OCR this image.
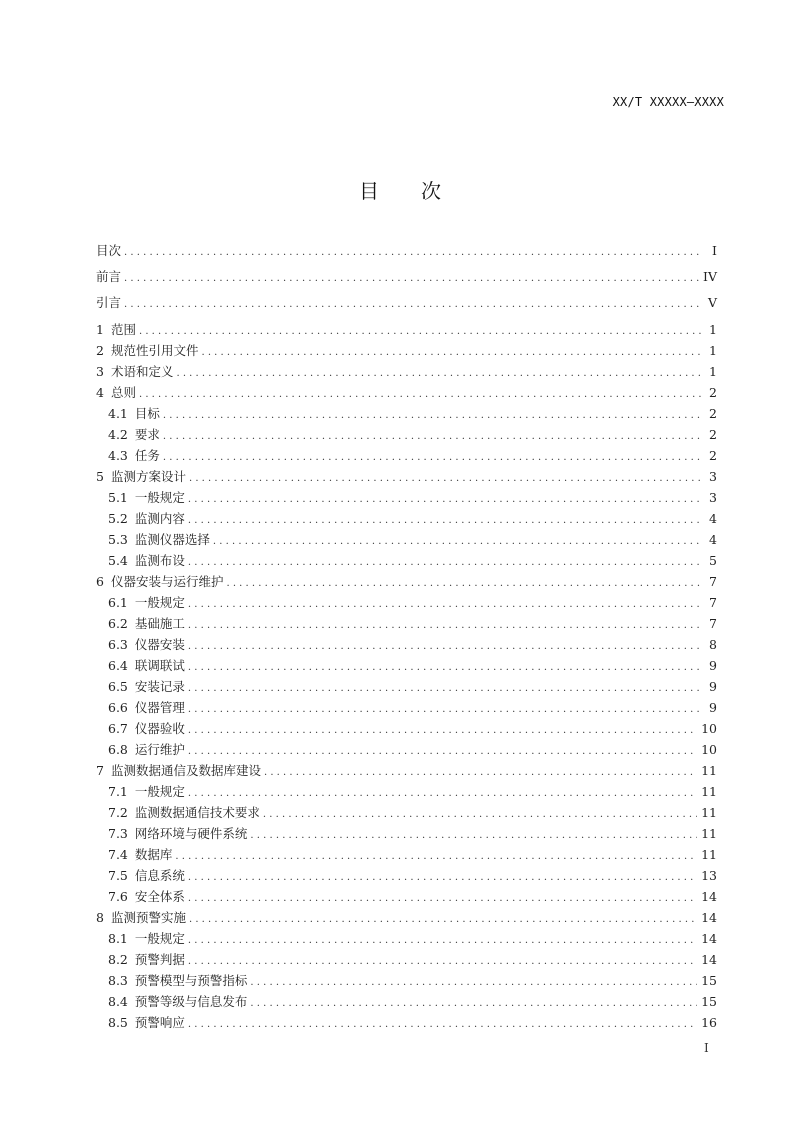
XX/T XXXXX—XXXX
目 次
目次 . . .	I
前言 . . .	IV
引言 . . .	V
1 范围 . . .	1
2 规范性引用文件 . . .	1
3 术语和定义 . . .	1
4 总则 . . .	2
4.1 目标 . . .	2
4.2 要求 . . .	2
4.3 任务 . . .	2
5 监测方案设计 . . .	3
5.1 一般规定 . . .	3
5.2 监测内容 . . .	4
5.3 监测仪器选择 . . .	4
5.4 监测布设 . . .	5
6 仪器安装与运行维护 . . .	7
6.1 一般规定 . . .	7
6.2 基础施工 . . .	7
6.3 仪器安装 . . .	8
6.4 联调联试 . . .	9
6.5 安装记录 . . .	9
6.6 仪器管理 . . .	9
6.7 仪器验收 . . .	10
6.8 运行维护 . . .	10
7 监测数据通信及数据库建设 . . .	11
7.1 一般规定 . . .	11
7.2 监测数据通信技术要求 . . .	11
7.3 网络环境与硬件系统 . . .	11
7.4 数据库 . . .	11
7.5 信息系统 . . .	13
7.6 安全体系 . . .	14
8 监测预警实施 . . .	14
8.1 一般规定 . . .	14
8.2 预警判据 . . .	14
8.3 预警模型与预警指标 . . .	15
8.4 预警等级与信息发布 . . .	15
8.5 预警响应 . . .	16
I
